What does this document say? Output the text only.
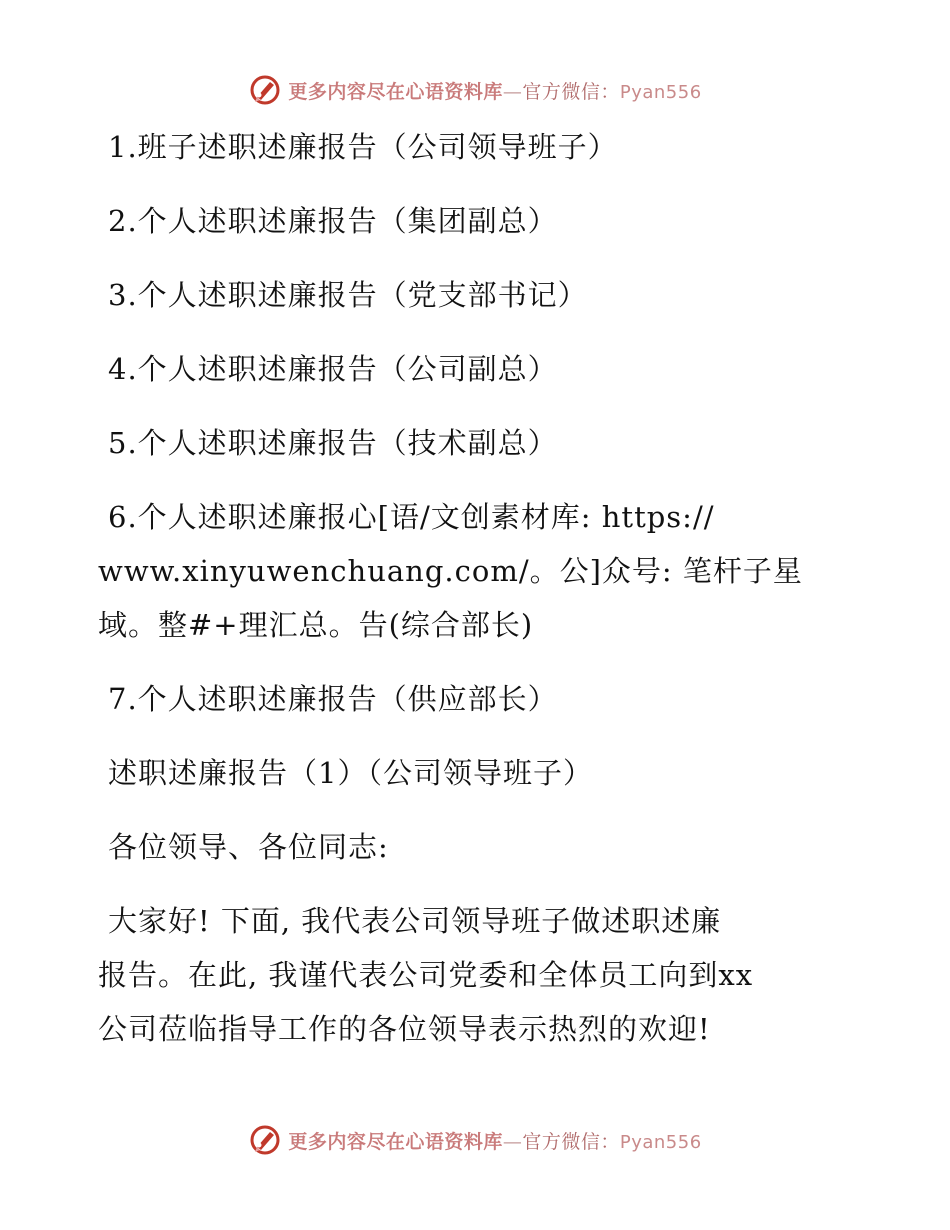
更多内容尽在心语资料库—官方微信：Pyan556
1.班子述职述廉报告（公司领导班子）
2.个人述职述廉报告（集团副总）
3.个人述职述廉报告（党支部书记）
4.个人述职述廉报告（公司副总）
5.个人述职述廉报告（技术副总）
6.个人述职述廉报心[语/文创素材库: https://
www.xinyuwenchuang.com/。公]众号: 笔杆子星
域。整#+理汇总。告(综合部长)
7.个人述职述廉报告（供应部长）
述职述廉报告（1）（公司领导班子）
各位领导、各位同志:
大家好! 下面, 我代表公司领导班子做述职述廉
报告。在此, 我谨代表公司党委和全体员工向到xx
公司莅临指导工作的各位领导表示热烈的欢迎!
更多内容尽在心语资料库—官方微信：Pyan556
